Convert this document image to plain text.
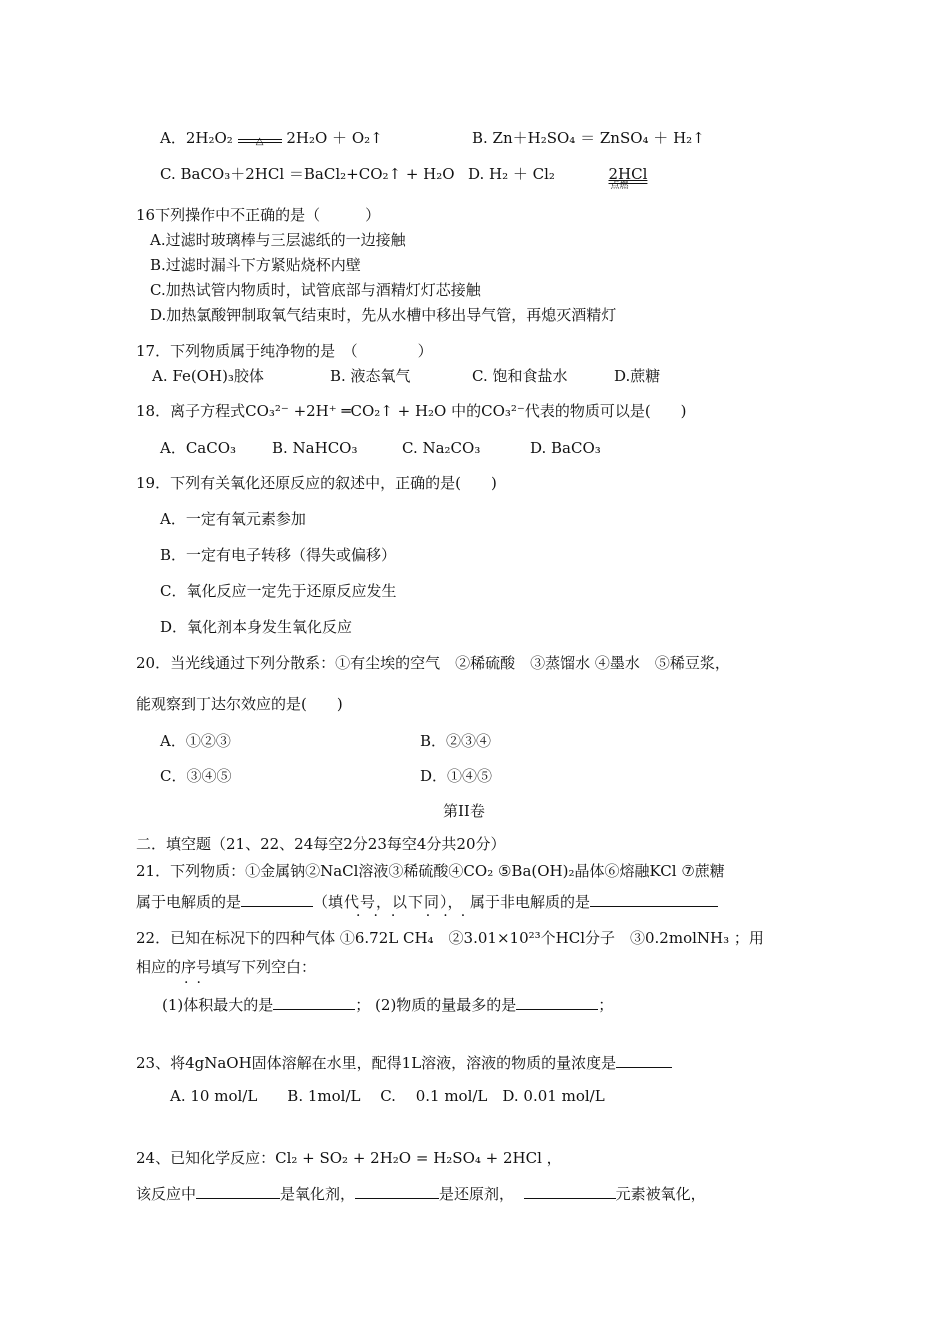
A．2H₂O₂	△	2H₂O ＋ O₂↑	B. Zn＋H₂SO₄ ＝ ZnSO₄ ＋ H₂↑
C. BaCO₃＋2HCl ＝BaCl₂+CO₂↑ + H₂O D. H₂ ＋ Cl₂	2HCl
点燃
16下列操作中不正确的是（　　　）
A.过滤时玻璃棒与三层滤纸的一边接触
B.过滤时漏斗下方紧贴烧杯内壁
C.加热试管内物质时，试管底部与酒精灯灯芯接触
D.加热氯酸钾制取氧气结束时，先从水槽中移出导气管，再熄灭酒精灯
17．下列物质属于纯净物的是　（　　　　）
A. Fe(OH)₃胶体	B. 液态氧气	C. 饱和食盐水	D.蔗糖
18．离子方程式CO₃²⁻ +2H⁺ ═CO₂↑ + H₂O 中的CO₃²⁻代表的物质可以是(　　)
A．CaCO₃ B. NaHCO₃	C. Na₂CO₃	D. BaCO₃
19．下列有关氧化还原反应的叙述中，正确的是(　　)
A．一定有氧元素参加
B．一定有电子转移（得失或偏移）
C．氧化反应一定先于还原反应发生
D．氧化剂本身发生氧化反应
20．当光线通过下列分散系：①有尘埃的空气　②稀硫酸　③蒸馏水 ④墨水　⑤稀豆浆，
能观察到丁达尔效应的是(　　)
A．①②③	B．②③④
C．③④⑤	D．①④⑤
第II卷
二．填空题（21、22、24每空2分23每空4分共20分）
21．下列物质：①金属钠②NaCl溶液③稀硫酸④CO₂ ⑤Ba(OH)₂晶体⑥熔融KCl ⑦蔗糖
属于电解质的是	（填代号，以下同），　属于非电解质的是
··· ···
22．已知在标况下的四种气体 ①6.72L CH₄　②3.01×10²³个HCl分子　③0.2molNH₃ ；用
相应的序号填写下列空白：
··
(1)体积最大的是	； (2)物质的量最多的是	；
23、将4gNaOH固体溶解在水里，配得1L溶液，溶液的物质的量浓度是
A. 10 mol/L　　B. 1mol/L　 C.　 0.1 mol/L　D. 0.01 mol/L
24、已知化学反应：Cl₂ + SO₂ + 2H₂O = H₂SO₄ + 2HCl ，
该反应中	是氧化剂，	是还原剂，	元素被氧化，
